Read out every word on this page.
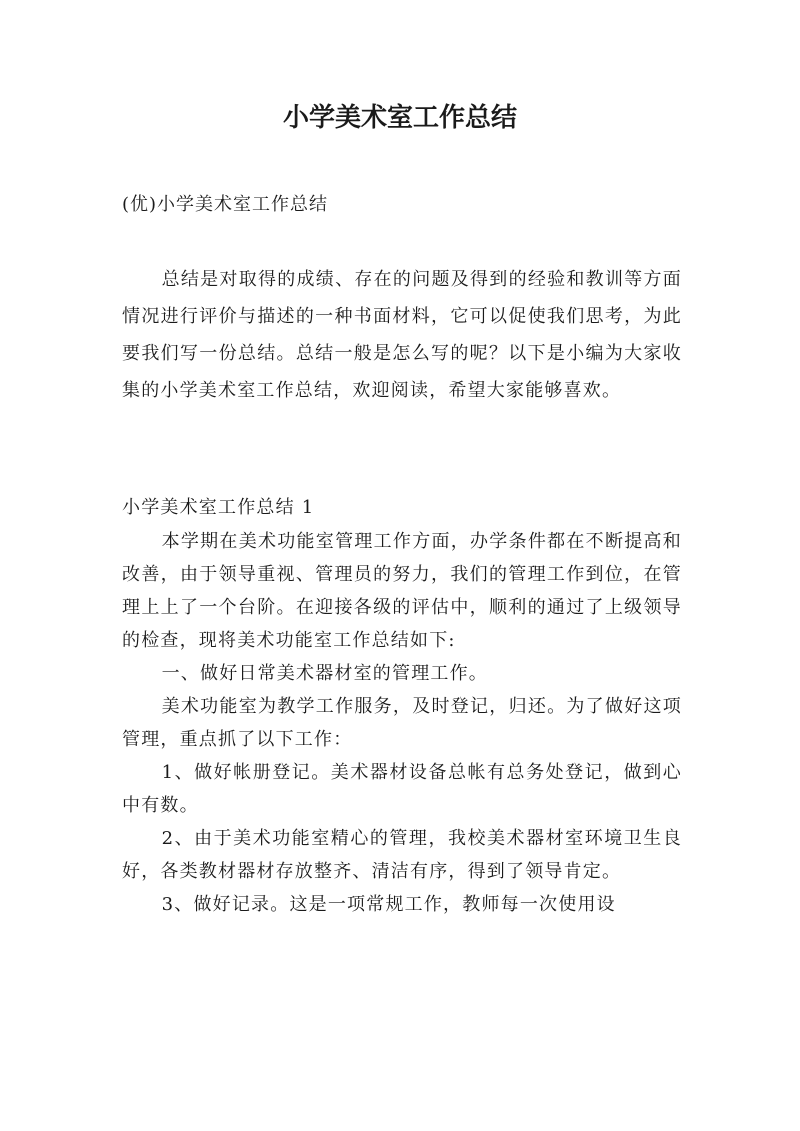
小学美术室工作总结
(优)小学美术室工作总结

总结是对取得的成绩、存在的问题及得到的经验和教训等方面情况进行评价与描述的一种书面材料，它可以促使我们思考，为此要我们写一份总结。总结一般是怎么写的呢？以下是小编为大家收集的小学美术室工作总结，欢迎阅读，希望大家能够喜欢。

小学美术室工作总结 1

本学期在美术功能室管理工作方面，办学条件都在不断提高和改善，由于领导重视、管理员的努力，我们的管理工作到位，在管理上上了一个台阶。在迎接各级的评估中，顺利的通过了上级领导的检查，现将美术功能室工作总结如下:

一、做好日常美术器材室的管理工作。

美术功能室为教学工作服务，及时登记，归还。为了做好这项管理，重点抓了以下工作：

1、做好帐册登记。美术器材设备总帐有总务处登记，做到心中有数。

2、由于美术功能室精心的管理，我校美术器材室环境卫生良好，各类教材器材存放整齐、清洁有序，得到了领导肯定。

3、做好记录。这是一项常规工作，教师每一次使用设
